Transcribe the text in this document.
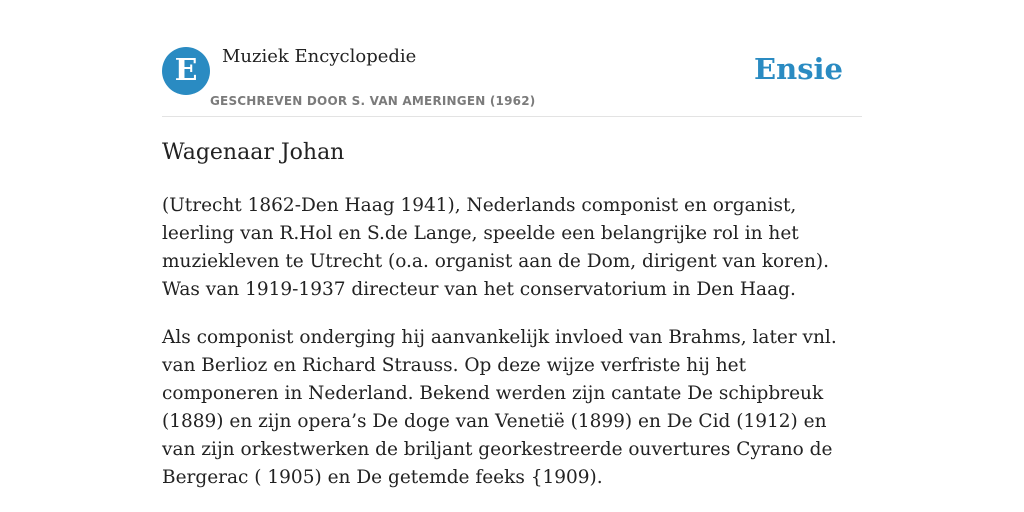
E Muziek Encyclopedie
GESCHREVEN DOOR S. VAN AMERINGEN (1962)
Ensie
Wagenaar Johan

(Utrecht 1862-Den Haag 1941), Nederlands componist en organist, leerling van R.Hol en S.de Lange, speelde een belangrijke rol in het muziekleven te Utrecht (o.a. organist aan de Dom, dirigent van koren). Was van 1919-1937 directeur van het conservatorium in Den Haag.

Als componist onderging hij aanvankelijk invloed van Brahms, later vnl. van Berlioz en Richard Strauss. Op deze wijze verfriste hij het componeren in Nederland. Bekend werden zijn cantate De schipbreuk (1889) en zijn opera’s De doge van Venetië (1899) en De Cid (1912) en van zijn orkestwerken de briljant georkestreerde ouvertures Cyrano de Bergerac ( 1905) en De getemde feeks {1909).
